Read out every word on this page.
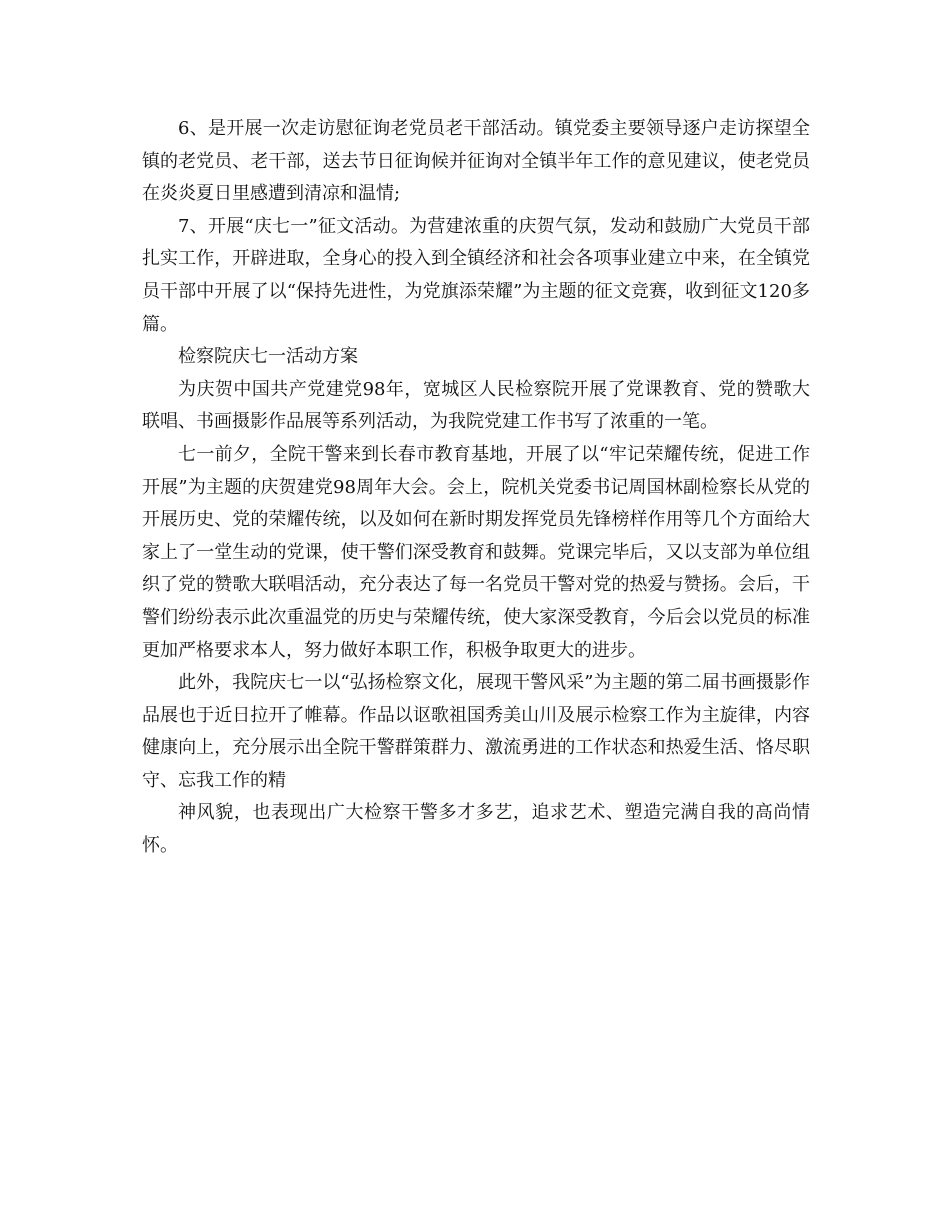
6、是开展一次走访慰征询老党员老干部活动。镇党委主要领导逐户走访探望全镇的老党员、老干部，送去节日征询候并征询对全镇半年工作的意见建议，使老党员在炎炎夏日里感遭到清凉和温情;

7、开展“庆七一”征文活动。为营建浓重的庆贺气氛，发动和鼓励广大党员干部扎实工作，开辟进取，全身心的投入到全镇经济和社会各项事业建立中来，在全镇党员干部中开展了以“保持先进性，为党旗添荣耀”为主题的征文竞赛，收到征文120多篇。

检察院庆七一活动方案

为庆贺中国共产党建党98年，宽城区人民检察院开展了党课教育、党的赞歌大联唱、书画摄影作品展等系列活动，为我院党建工作书写了浓重的一笔。

七一前夕，全院干警来到长春市教育基地，开展了以“牢记荣耀传统，促进工作开展”为主题的庆贺建党98周年大会。会上，院机关党委书记周国林副检察长从党的开展历史、党的荣耀传统，以及如何在新时期发挥党员先锋榜样作用等几个方面给大家上了一堂生动的党课，使干警们深受教育和鼓舞。党课完毕后，又以支部为单位组织了党的赞歌大联唱活动，充分表达了每一名党员干警对党的热爱与赞扬。会后，干警们纷纷表示此次重温党的历史与荣耀传统，使大家深受教育，今后会以党员的标准更加严格要求本人，努力做好本职工作，积极争取更大的进步。

此外，我院庆七一以“弘扬检察文化，展现干警风采”为主题的第二届书画摄影作品展也于近日拉开了帷幕。作品以讴歌祖国秀美山川及展示检察工作为主旋律，内容健康向上，充分展示出全院干警群策群力、激流勇进的工作状态和热爱生活、恪尽职守、忘我工作的精

神风貌，也表现出广大检察干警多才多艺，追求艺术、塑造完满自我的高尚情怀。
